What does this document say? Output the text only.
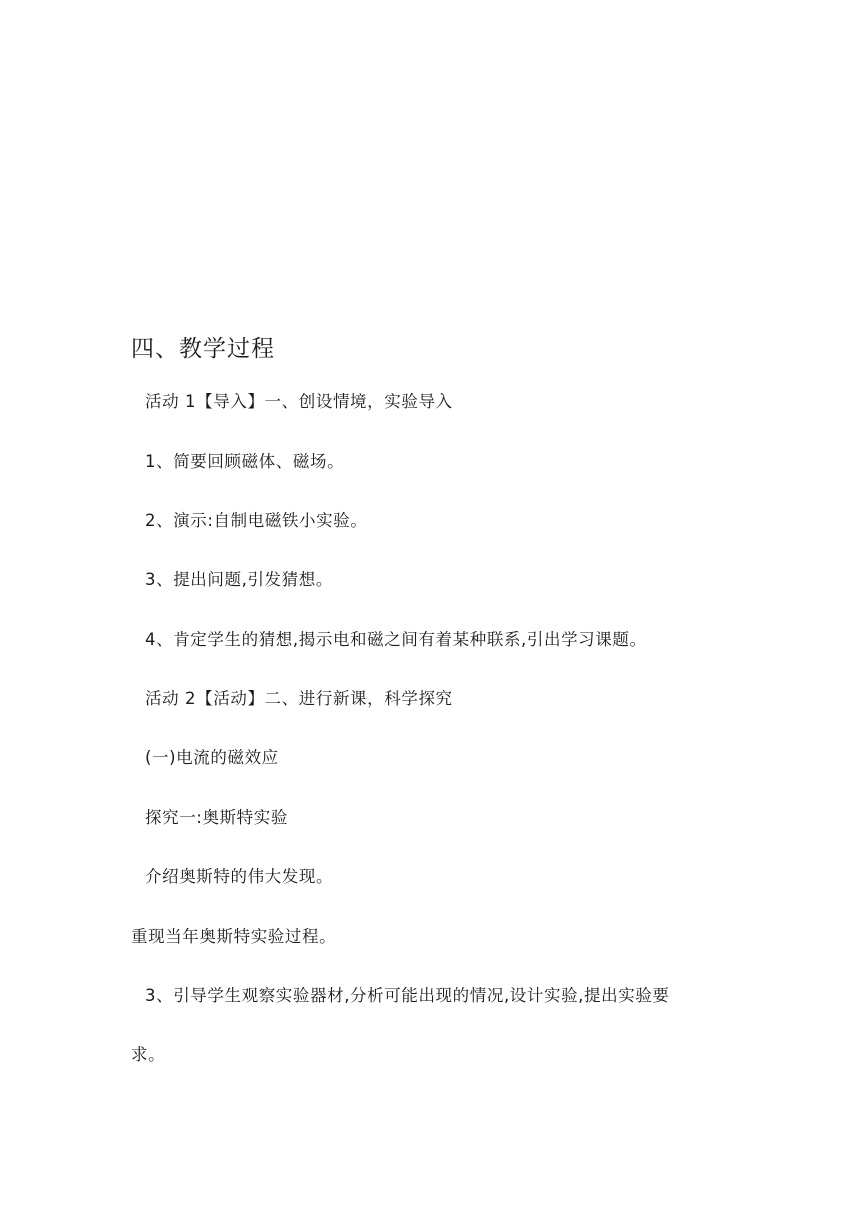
四、教学过程
活动 1【导入】一、创设情境，实验导入
1、简要回顾磁体、磁场。
2、演示:自制电磁铁小实验。
3、提出问题,引发猜想。
4、肯定学生的猜想,揭示电和磁之间有着某种联系,引出学习课题。
活动 2【活动】二、进行新课，科学探究
(一)电流的磁效应
探究一:奥斯特实验
介绍奥斯特的伟大发现。
重现当年奥斯特实验过程。
3、引导学生观察实验器材,分析可能出现的情况,设计实验,提出实验要
求。
